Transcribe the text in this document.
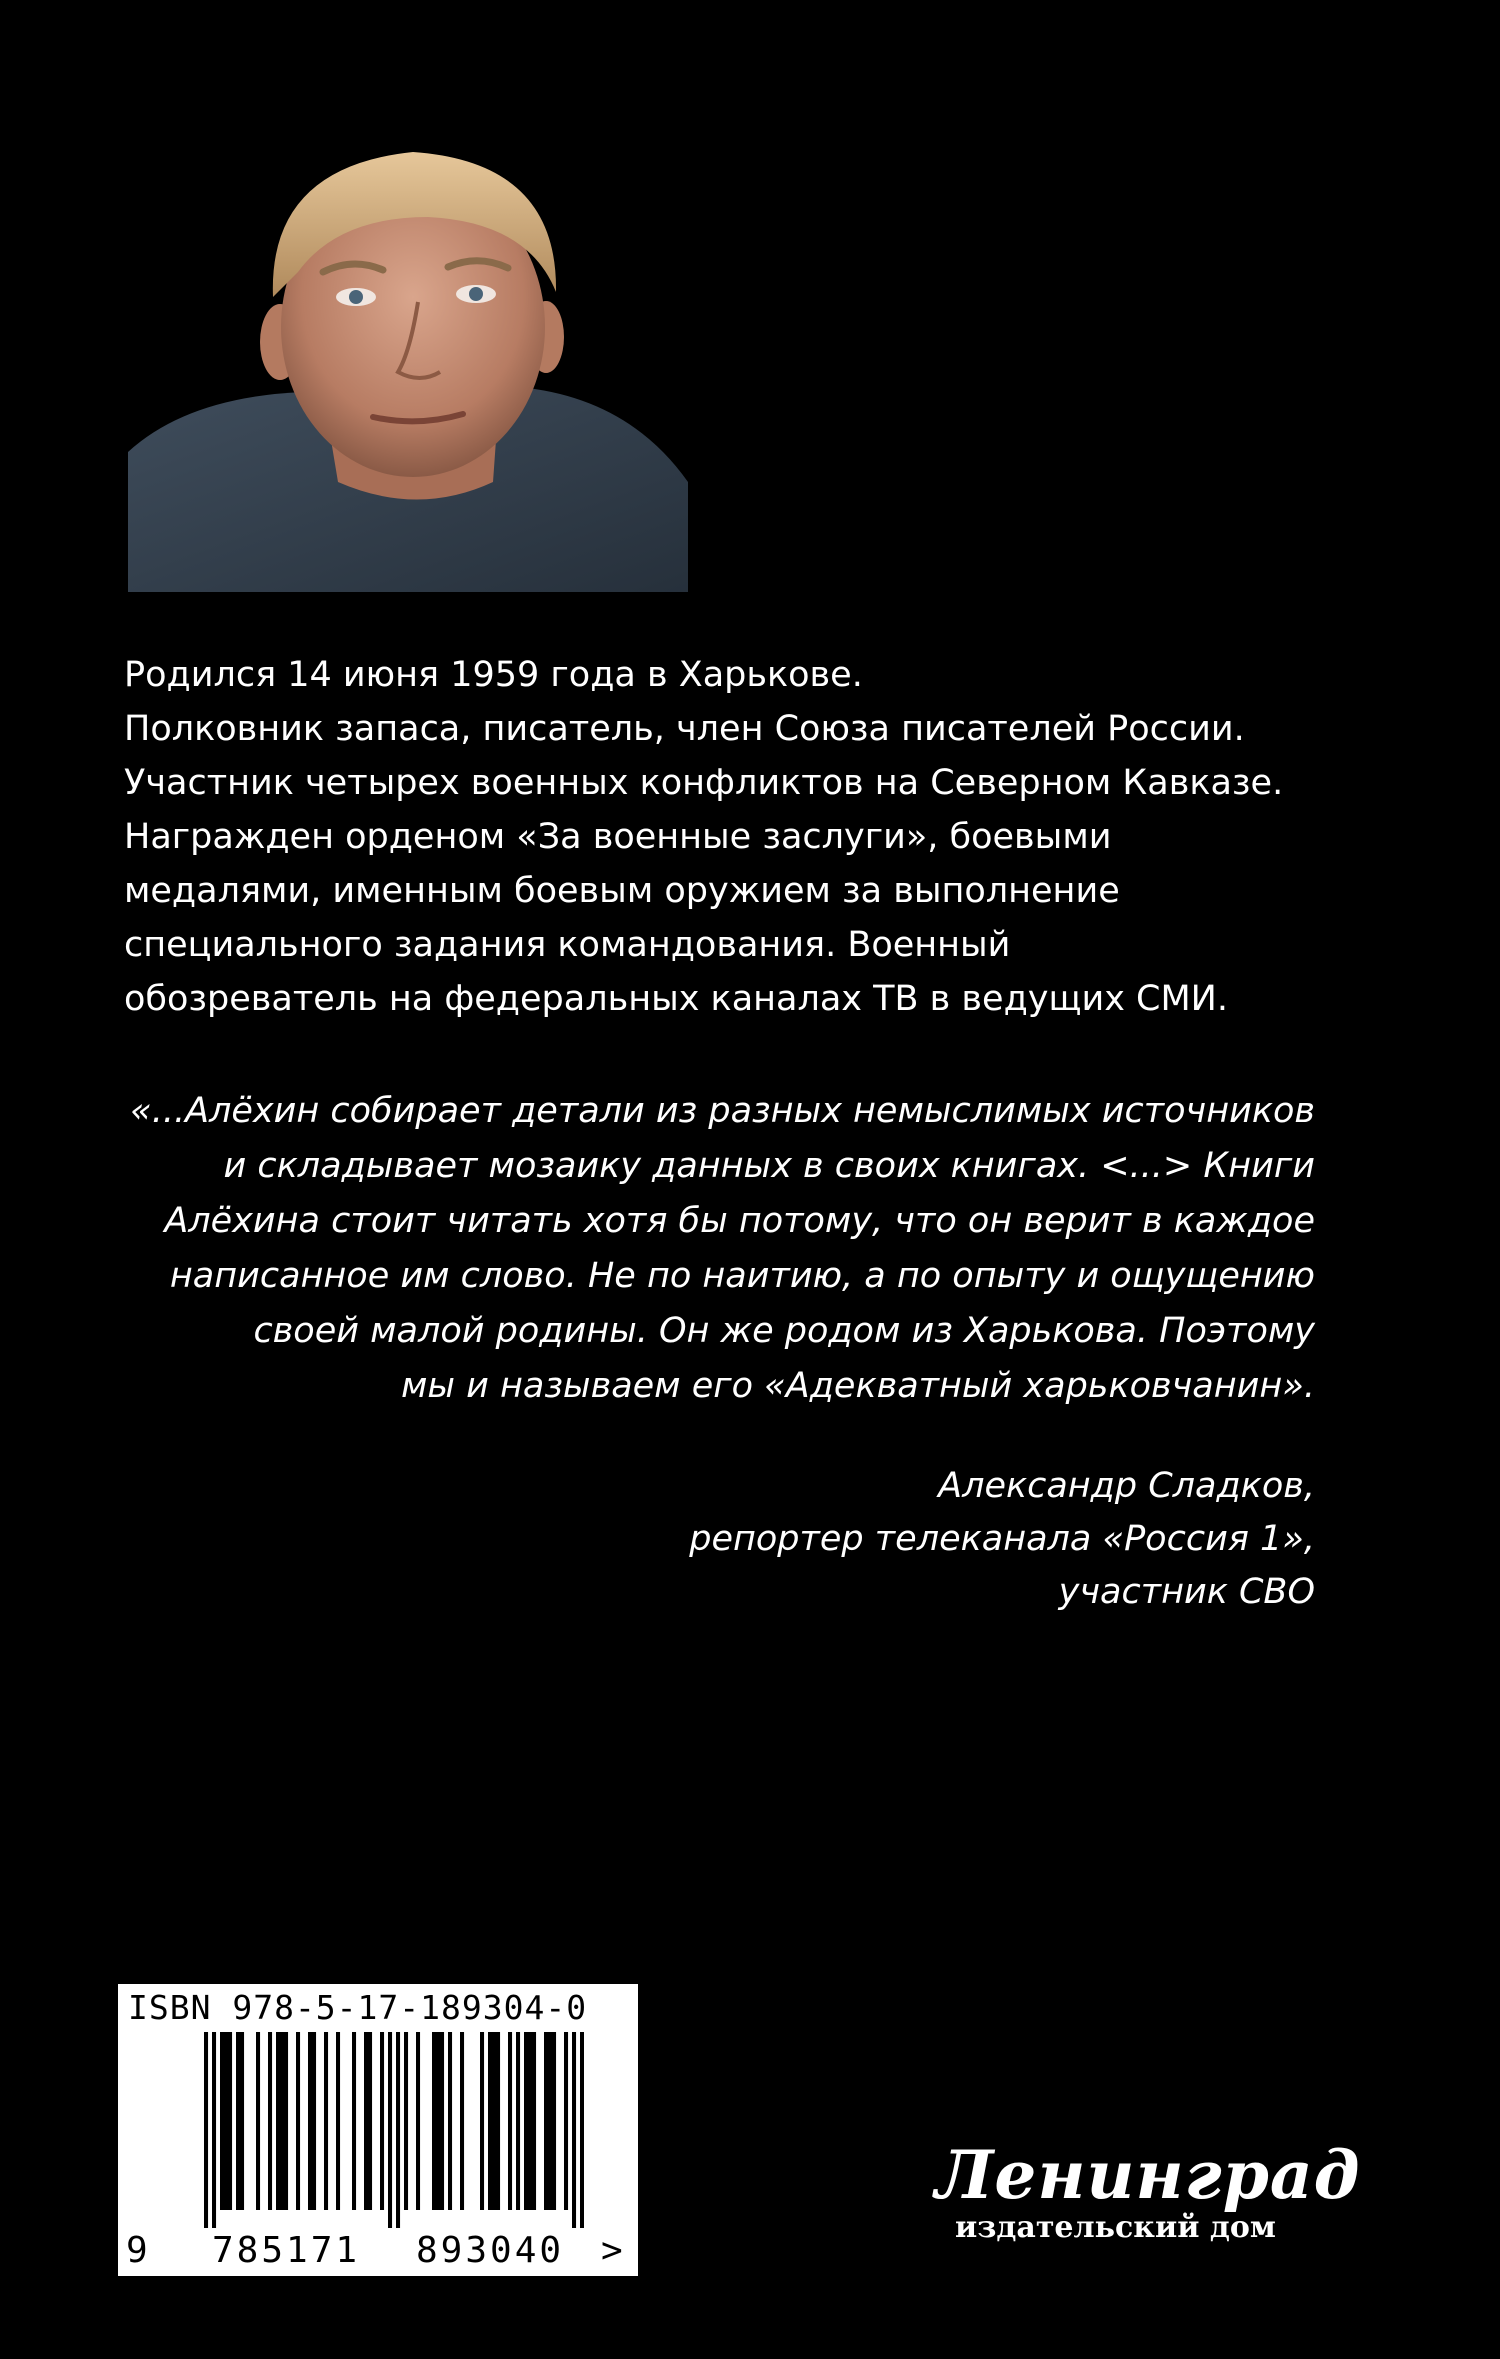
Родился 14 июня 1959 года в Харькове.
Полковник запаса, писатель, член Союза писателей России.
Участник четырех военных конфликтов на Северном Кавказе.
Награжден орденом «За военные заслуги», боевыми
медалями, именным боевым оружием за выполнение
специального задания командования. Военный
обозреватель на федеральных каналах ТВ в ведущих СМИ.

«...Алёхин собирает детали из разных немыслимых источников
и складывает мозаику данных в своих книгах. <...> Книги
Алёхина стоит читать хотя бы потому, что он верит в каждое
написанное им слово. Не по наитию, а по опыту и ощущению
своей малой родины. Он же родом из Харькова. Поэтому
мы и называем его «Адекватный харьковчанин».

Александр Сладков,
репортер телеканала «Россия 1»,
участник СВО
ISBN 978-5-17-189304-0
9 785171 893040 >
Ленинград
издательский дом
